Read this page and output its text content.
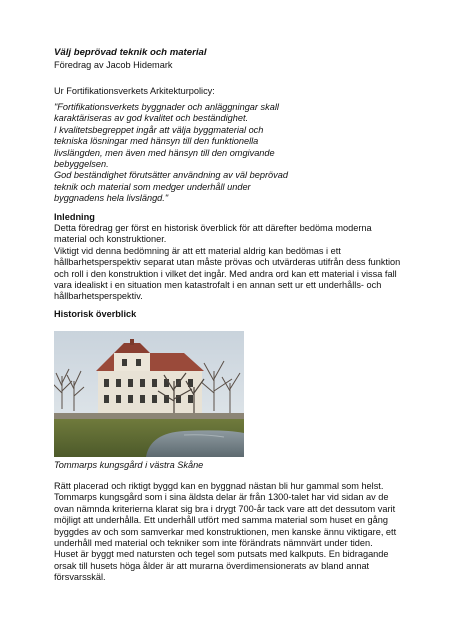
Välj beprövad teknik och material

Föredrag av Jacob Hidemark

Ur Fortifikationsverkets Arkitekturpolicy:

"Fortifikationsverkets byggnader och anläggningar skall
karaktäriseras av god kvalitet och beständighet.
I kvalitetsbegreppet ingår att välja byggmaterial och
tekniska lösningar med hänsyn till den funktionella
livslängden, men även med hänsyn till den omgivande
bebyggelsen.
God beständighet förutsätter användning av väl beprövad
teknik och material som medger underhåll under
byggnadens hela livslängd."

Inledning

Detta föredrag ger först en historisk överblick för att därefter bedöma moderna
material och konstruktioner.
Viktigt vid denna bedömning är att ett material aldrig kan bedömas i ett
hållbarhetsperspektiv separat utan måste prövas och utvärderas utifrån dess funktion
och roll i den konstruktion i vilket det ingår. Med andra ord kan ett material i vissa fall
vara idealiskt i en situation men katastrofalt i en annan sett ur ett underhålls- och
hållbarhetsperspektiv.

Historisk överblick

Tommarps kungsgård i västra Skåne

Rätt placerad och riktigt byggd kan en byggnad nästan bli hur gammal som helst.
Tommarps kungsgård som i sina äldsta delar är från 1300-talet har vid sidan av de
ovan nämnda kriterierna klarat sig bra i drygt 700-år tack vare att det dessutom varit
möjligt att underhålla. Ett underhåll utfört med samma material som huset en gång
byggdes av och som samverkar med konstruktionen, men kanske ännu viktigare, ett
underhåll med material och tekniker som inte förändrats nämnvärt under tiden.
Huset är byggt med natursten och tegel som putsats med kalkputs. En bidragande
orsak till husets höga ålder är att murarna överdimensionerats av bland annat
försvarsskäl.
